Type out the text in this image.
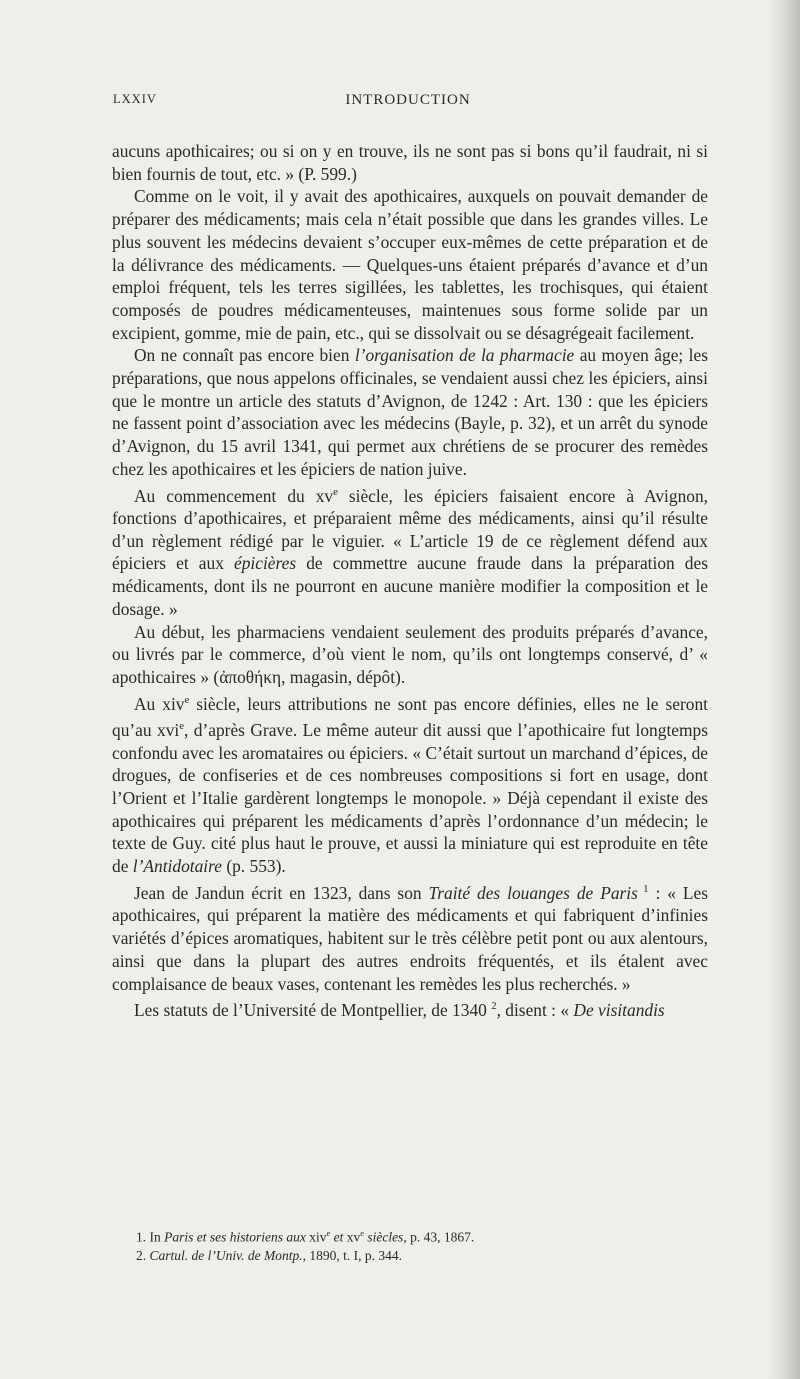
LXXIV	INTRODUCTION

aucuns apothicaires; ou si on y en trouve, ils ne sont pas si bons qu’il faudrait, ni si bien fournis de tout, etc. » (P. 599.)

Comme on le voit, il y avait des apothicaires, auxquels on pouvait demander de préparer des médicaments; mais cela n’était possible que dans les grandes villes. Le plus souvent les médecins devaient s’occuper eux-mêmes de cette préparation et de la délivrance des médicaments. — Quelques-uns étaient préparés d’avance et d’un emploi fréquent, tels les terres sigillées, les tablettes, les trochisques, qui étaient composés de poudres médicamenteuses, maintenues sous forme solide par un excipient, gomme, mie de pain, etc., qui se dissolvait ou se désagrégeait facilement.

On ne connaît pas encore bien l’organisation de la pharmacie au moyen âge; les préparations, que nous appelons officinales, se vendaient aussi chez les épiciers, ainsi que le montre un article des statuts d’Avignon, de 1242 : Art. 130 : que les épiciers ne fassent point d’association avec les médecins (Bayle, p. 32), et un arrêt du synode d’Avignon, du 15 avril 1341, qui permet aux chrétiens de se procurer des remèdes chez les apothicaires et les épiciers de nation juive.

Au commencement du $xv^e$ siècle, les épiciers faisaient encore à Avignon, fonctions d’apothicaires, et préparaient même des médicaments, ainsi qu’il résulte d’un règlement rédigé par le viguier. « L’article 19 de ce règlement défend aux épiciers et aux épicières de commettre aucune fraude dans la préparation des médicaments, dont ils ne pourront en aucune manière modifier la composition et le dosage. »

Au début, les pharmaciens vendaient seulement des produits préparés d’avance, ou livrés par le commerce, d’où vient le nom, qu’ils ont longtemps conservé, d’ « apothicaires » (ἀποθήκη, magasin, dépôt).

Au xiv$^e$ siècle, leurs attributions ne sont pas encore définies, elles ne le seront qu’au xvi$^e$, d’après Grave. Le même auteur dit aussi que l’apothicaire fut longtemps confondu avec les aromataires ou épiciers. « C’était surtout un marchand d’épices, de drogues, de confiseries et de ces nombreuses compositions si fort en usage, dont l’Orient et l’Italie gardèrent longtemps le monopole. » Déjà cependant il existe des apothicaires qui préparent les médicaments d’après l’ordonnance d’un médecin; le texte de Guy. cité plus haut le prouve, et aussi la miniature qui est reproduite en tête de l’Antidotaire (p. 553).

Jean de Jandun écrit en 1323, dans son Traité des louanges de Paris $^1$ : « Les apothicaires, qui préparent la matière des médicaments et qui fabriquent d’infinies variétés d’épices aromatiques, habitent sur le très célèbre petit pont ou aux alentours, ainsi que dans la plupart des autres endroits fréquentés, et ils étalent avec complaisance de beaux vases, contenant les remèdes les plus recherchés. »

Les statuts de l’Université de Montpellier, de 1340 $^2$, disent : « De visitandis

1. In Paris et ses historiens aux xiv$^e$ et $xv^e$ siècles, p. 43, 1867.

2. Cartul. de l’Univ. de Montp., 1890, t. I, p. 344.
